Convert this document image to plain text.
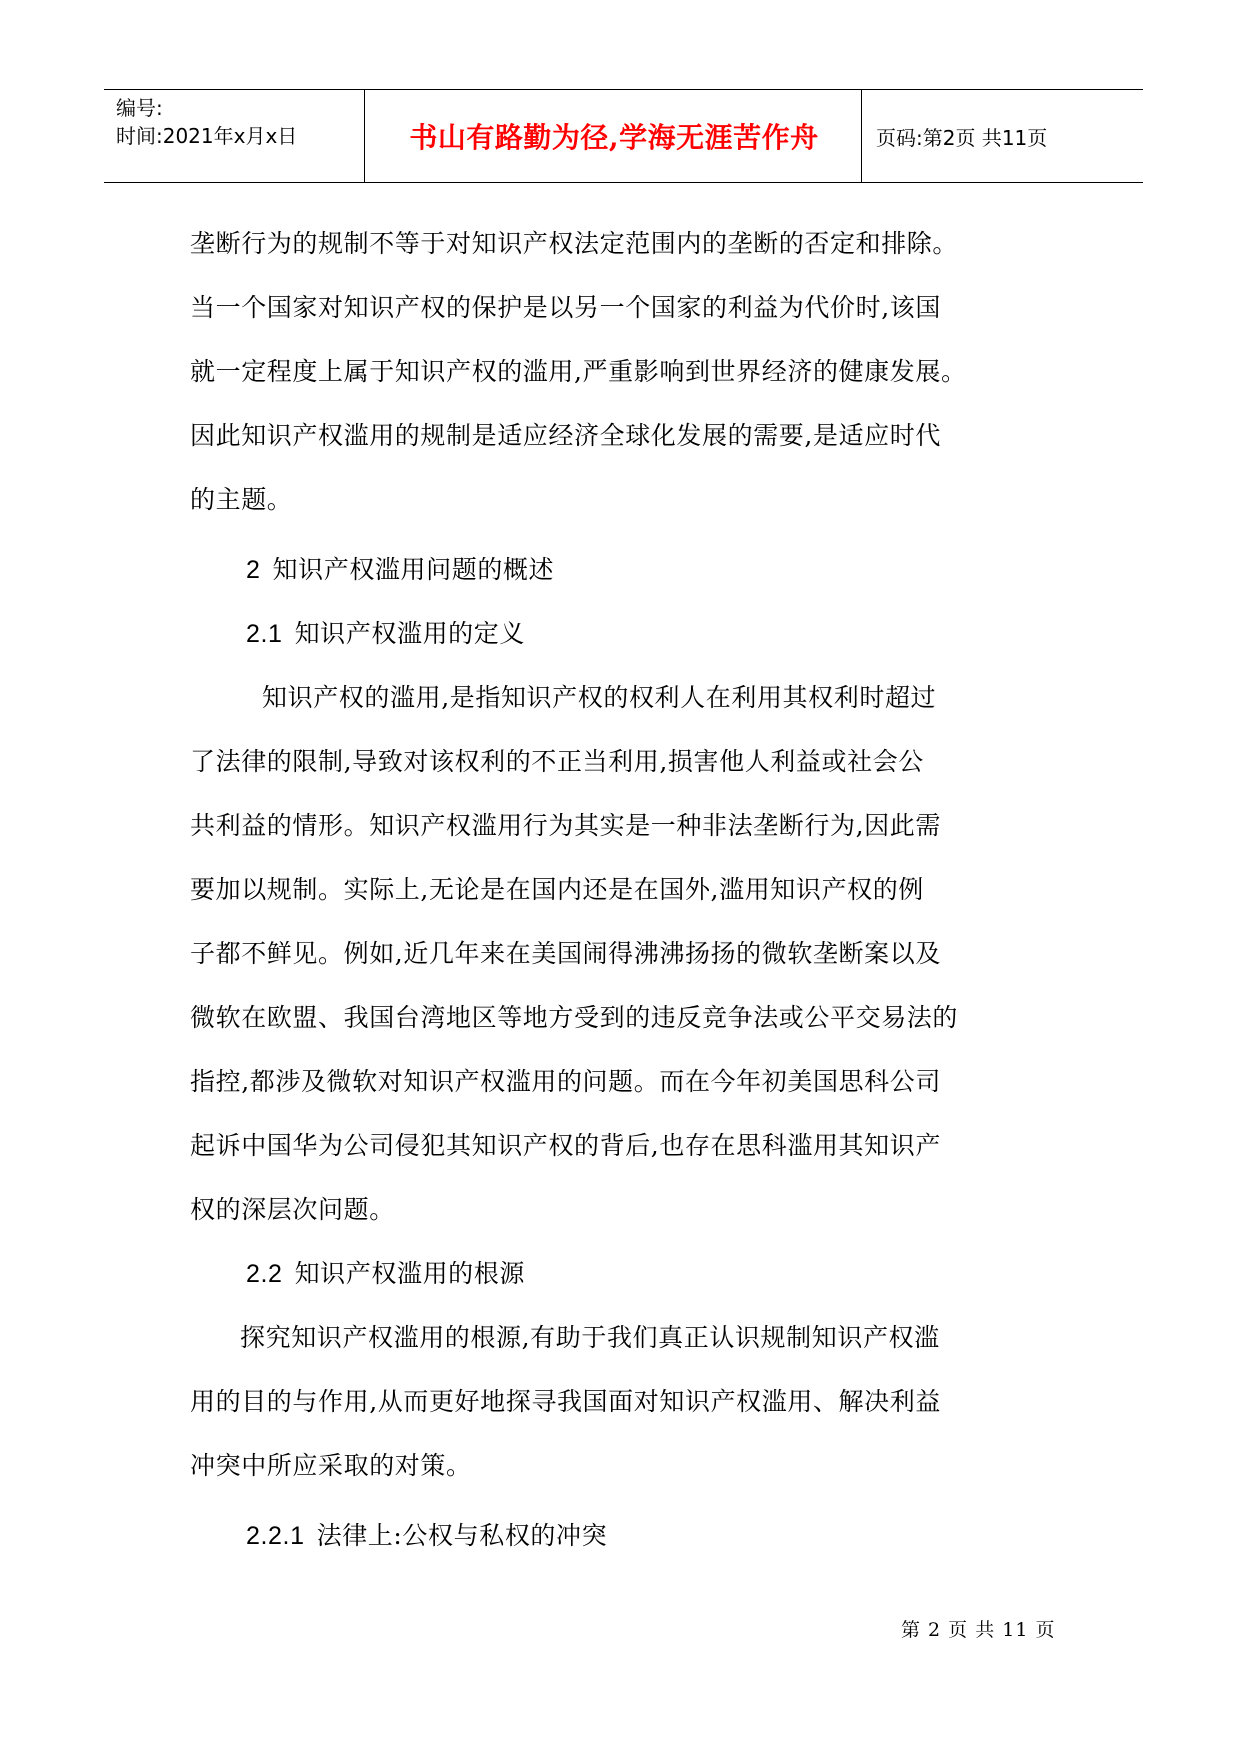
编号:
时间:2021年x月x日	书山有路勤为径,学海无涯苦作舟	页码:第2页 共11页

垄断行为的规制不等于对知识产权法定范围内的垄断的否定和排除。

当一个国家对知识产权的保护是以另一个国家的利益为代价时,该国

就一定程度上属于知识产权的滥用,严重影响到世界经济的健康发展。

因此知识产权滥用的规制是适应经济全球化发展的需要,是适应时代

的主题。

2 知识产权滥用问题的概述

2.1 知识产权滥用的定义

知识产权的滥用,是指知识产权的权利人在利用其权利时超过

了法律的限制,导致对该权利的不正当利用,损害他人利益或社会公

共利益的情形。知识产权滥用行为其实是一种非法垄断行为,因此需

要加以规制。实际上,无论是在国内还是在国外,滥用知识产权的例

子都不鲜见。例如,近几年来在美国闹得沸沸扬扬的微软垄断案以及

微软在欧盟、我国台湾地区等地方受到的违反竞争法或公平交易法的

指控,都涉及微软对知识产权滥用的问题。而在今年初美国思科公司

起诉中国华为公司侵犯其知识产权的背后,也存在思科滥用其知识产

权的深层次问题。

2.2 知识产权滥用的根源

探究知识产权滥用的根源,有助于我们真正认识规制知识产权滥

用的目的与作用,从而更好地探寻我国面对知识产权滥用、解决利益

冲突中所应采取的对策。

2.2.1 法律上:公权与私权的冲突

第 2 页 共 11 页
